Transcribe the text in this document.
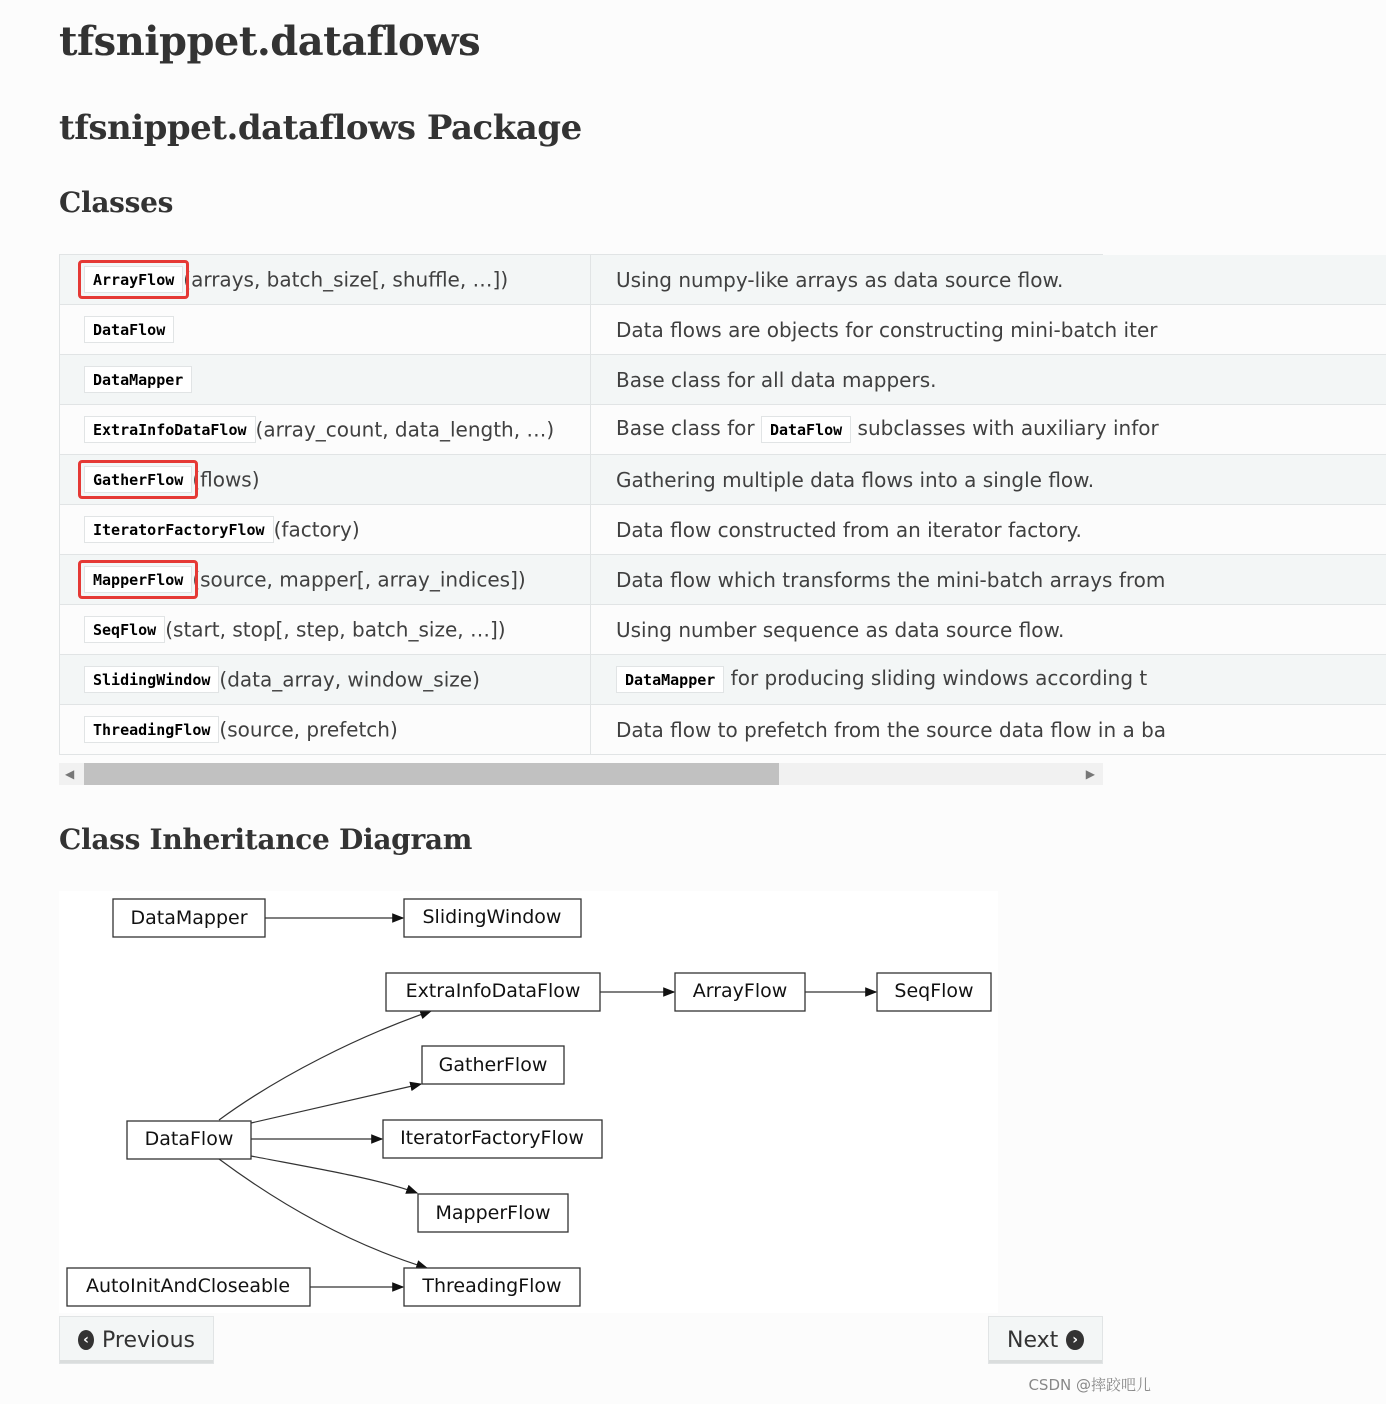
tfsnippet.dataflows
tfsnippet.dataflows Package
Classes
ArrayFlow (arrays, batch_size[, shuffle, …])	Using numpy-like arrays as data source flow.
DataFlow	Data flows are objects for constructing mini-batch iter
DataMapper	Base class for all data mappers.
ExtraInfoDataFlow (array_count, data_length, …)	Base class for DataFlow subclasses with auxiliary infor
GatherFlow (flows)	Gathering multiple data flows into a single flow.
IteratorFactoryFlow (factory)	Data flow constructed from an iterator factory.
MapperFlow (source, mapper[, array_indices])	Data flow which transforms the mini-batch arrays from
SeqFlow (start, stop[, step, batch_size, …])	Using number sequence as data source flow.
SlidingWindow (data_array, window_size)	DataMapper for producing sliding windows according t
ThreadingFlow (source, prefetch)	Data flow to prefetch from the source data flow in a ba
◀	▶
Class Inheritance Diagram
DataMapper	SlidingWindow
ExtraInfoDataFlow	ArrayFlow	SeqFlow
GatherFlow
DataFlow	IteratorFactoryFlow
MapperFlow
AutoInitAndCloseable	ThreadingFlow
‹ Previous	Next ›
CSDN @摔跤吧儿
